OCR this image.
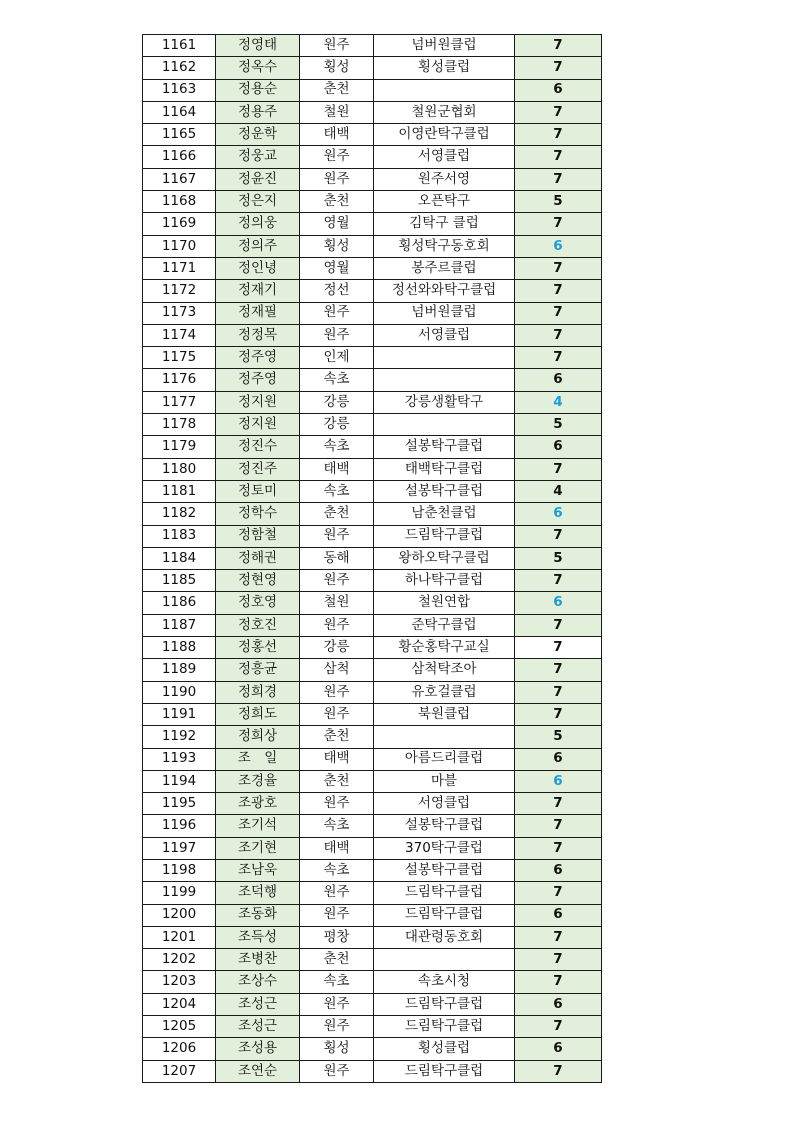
1161	정영태	원주	넘버원클럽	7
1162	정옥수	횡성	횡성클럽	7
1163	정용순	춘천		6
1164	정용주	철원	철원군협회	7
1165	정운학	태백	이영란탁구클럽	7
1166	정웅교	원주	서영클럽	7
1167	정윤진	원주	원주서영	7
1168	정은지	춘천	오픈탁구	5
1169	정의웅	영월	김탁구 클럽	7
1170	정의주	횡성	횡성탁구동호회	6
1171	정인녕	영월	봉주르클럽	7
1172	정재기	정선	정선와와탁구클럽	7
1173	정재필	원주	넘버원클럽	7
1174	정정목	원주	서영클럽	7
1175	정주영	인제		7
1176	정주영	속초		6
1177	정지원	강릉	강릉생활탁구	4
1178	정지원	강릉		5
1179	정진수	속초	설봉탁구클럽	6
1180	정진주	태백	태백탁구클럽	7
1181	정토미	속초	설봉탁구클럽	4
1182	정학수	춘천	남춘천클럽	6
1183	정함철	원주	드림탁구클럽	7
1184	정해권	동해	왕하오탁구클럽	5
1185	정현영	원주	하나탁구클럽	7
1186	정호영	철원	철원연합	6
1187	정호진	원주	준탁구클럽	7
1188	정홍선	강릉	황순홍탁구교실	7
1189	정흥균	삼척	삼척탁조아	7
1190	정희경	원주	유호걸클럽	7
1191	정희도	원주	북원클럽	7
1192	정희상	춘천		5
1193	조　일	태백	아름드리클럽	6
1194	조경율	춘천	마블	6
1195	조광호	원주	서영클럽	7
1196	조기석	속초	설봉탁구클럽	7
1197	조기현	태백	370탁구클럽	7
1198	조남욱	속초	설봉탁구클럽	6
1199	조덕행	원주	드림탁구클럽	7
1200	조동화	원주	드림탁구클럽	6
1201	조득성	평창	대관령동호회	7
1202	조병찬	춘천		7
1203	조상수	속초	속초시청	7
1204	조성근	원주	드림탁구클럽	6
1205	조성근	원주	드림탁구클럽	7
1206	조성용	횡성	횡성클럽	6
1207	조연순	원주	드림탁구클럽	7
